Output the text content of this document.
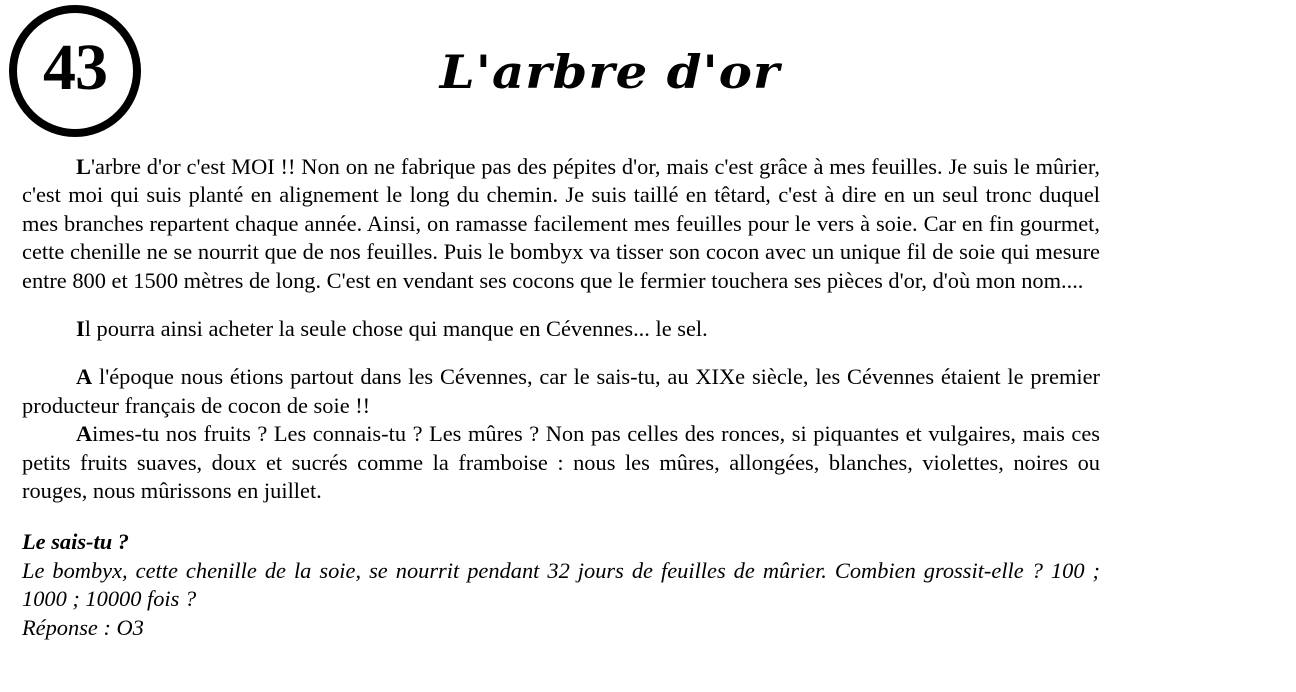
43	L'arbre d'or

L'arbre d'or c'est MOI !! Non on ne fabrique pas des pépites d'or, mais c'est grâce à mes feuilles. Je suis le mûrier, c'est moi qui suis planté en alignement le long du chemin. Je suis taillé en têtard, c'est à dire en un seul tronc duquel mes branches repartent chaque année. Ainsi, on ramasse facilement mes feuilles pour le vers à soie. Car en fin gourmet, cette chenille ne se nourrit que de nos feuilles. Puis le bombyx va tisser son cocon avec un unique fil de soie qui mesure entre 800 et 1500 mètres de long. C'est en vendant ses cocons que le fermier touchera ses pièces d'or, d'où mon nom....

Il pourra ainsi acheter la seule chose qui manque en Cévennes... le sel.

A l'époque nous étions partout dans les Cévennes, car le sais-tu, au XIXe siècle, les Cévennes étaient le premier producteur français de cocon de soie !!

Aimes-tu nos fruits ? Les connais-tu ? Les mûres ? Non pas celles des ronces, si piquantes et vulgaires, mais ces petits fruits suaves, doux et sucrés comme la framboise : nous les mûres, allongées, blanches, violettes, noires ou rouges, nous mûrissons en juillet.

Le sais-tu ?

Le bombyx, cette chenille de la soie, se nourrit pendant 32 jours de feuilles de mûrier. Combien grossit-elle ? 100 ; 1000 ; 10000 fois ?

Réponse : O3
